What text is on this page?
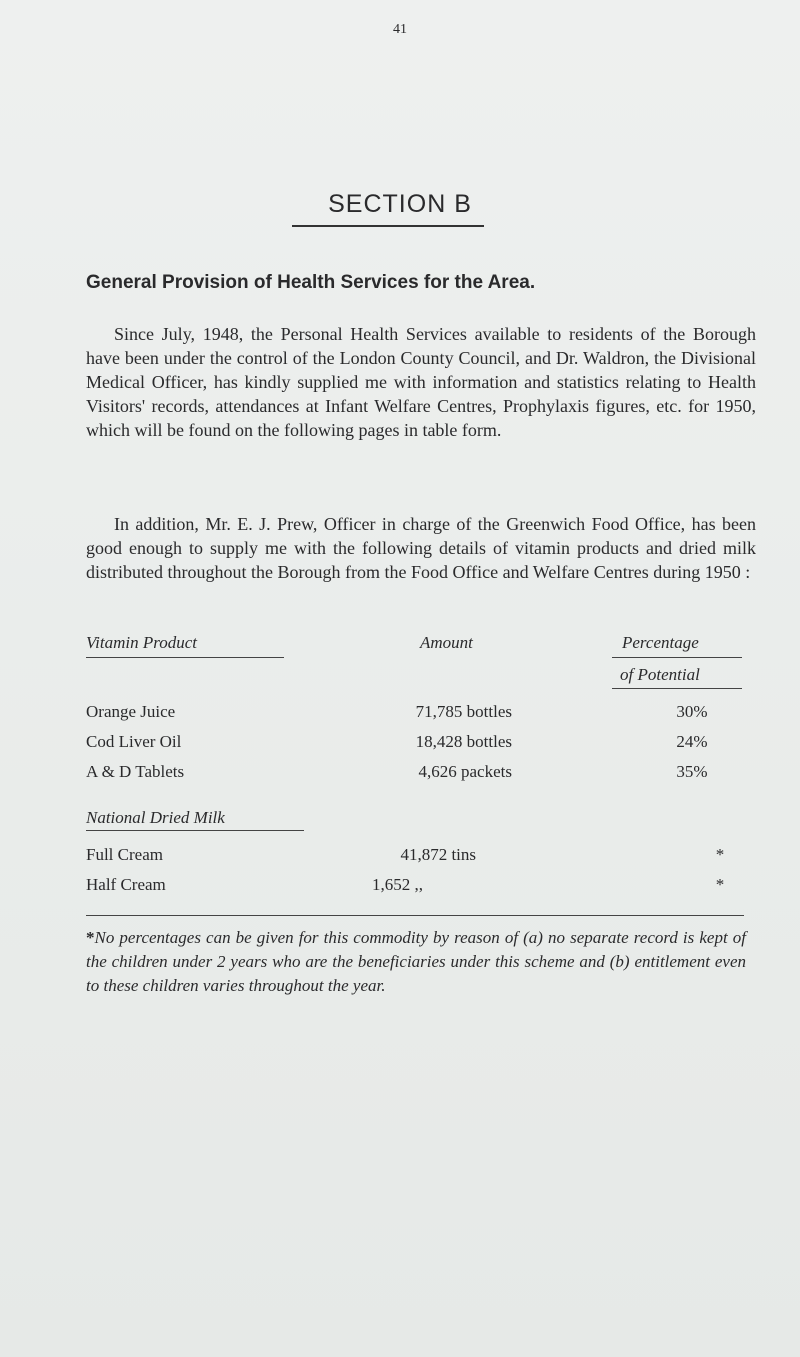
41
SECTION B
General Provision of Health Services for the Area.

Since July, 1948, the Personal Health Services available to residents of the Borough have been under the control of the London County Council, and Dr. Waldron, the Divisional Medical Officer, has kindly supplied me with information and statistics relating to Health Visitors' records, attendances at Infant Welfare Centres, Prophylaxis figures, etc. for 1950, which will be found on the following pages in table form.

In addition, Mr. E. J. Prew, Officer in charge of the Greenwich Food Office, has been good enough to supply me with the following details of vitamin products and dried milk distributed throughout the Borough from the Food Office and Welfare Centres during 1950 :

Vitamin Product	Amount	Percentage
of Potential
Orange Juice	71,785 bottles	30%
Cod Liver Oil	18,428 bottles	24%
A & D Tablets	4,626 packets	35%
National Dried Milk
Full Cream	41,872 tins	*
Half Cream	1,652 ,,	*

*No percentages can be given for this commodity by reason of (a) no separate record is kept of the children under 2 years who are the beneficiaries under this scheme and (b) entitlement even to these children varies throughout the year.
